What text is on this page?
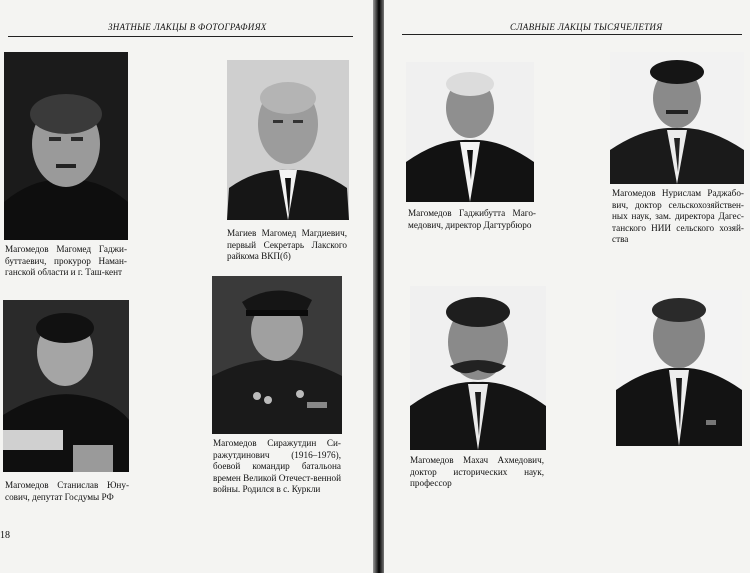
ЗНАТНЫЕ ЛАКЦЫ В ФОТОГРАФИЯХ
Магомедов Магомед Гаджи-буттаевич, прокурор Наман-ганской области и г. Таш-кент
Магиев Магомед Магдиевич, первый Секретарь Лакского райкома ВКП(б)
Магомедов Станислав Юну-сович, депутат Госдумы РФ
Магомедов Сиражутдин Си-ражутдинович (1916–1976), боевой командир батальона времен Великой Отечест-венной войны. Родился в с. Куркли
18
СЛАВНЫЕ ЛАКЦЫ ТЫСЯЧЕЛЕТИЯ
Магомедов Гаджибутта Маго-медович, директор Дагтурбюро
Магомедов Нурислам Раджабо-вич, доктор сельскохозяйствен-ных наук, зам. директора Дагес-танского НИИ сельского хозяй-ства
Магомедов Махач Ахмедович, доктор исторических наук, профессор
